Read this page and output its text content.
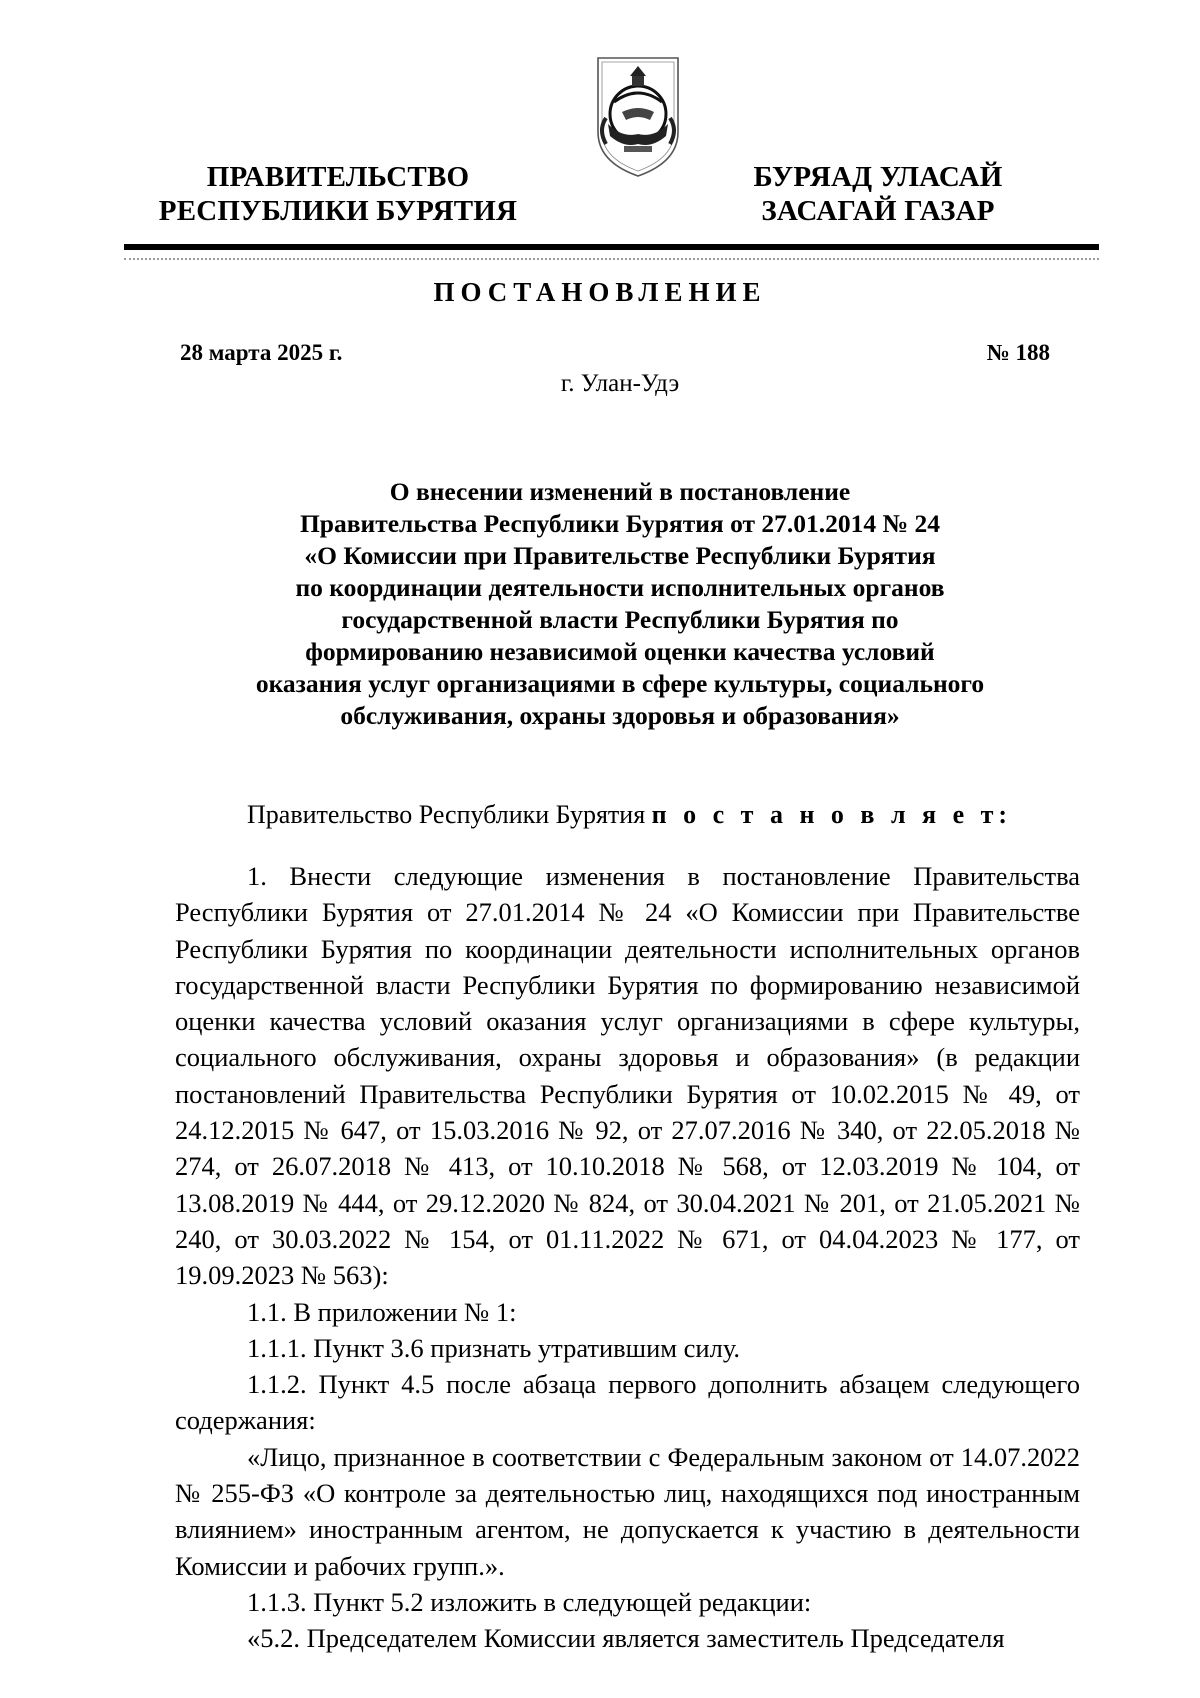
ПРАВИТЕЛЬСТВО
РЕСПУБЛИКИ БУРЯТИЯ
БУРЯАД УЛАСАЙ
ЗАСАГАЙ ГАЗАР
ПОСТАНОВЛЕНИЕ
28 марта 2025 г.	№ 188
г. Улан-Удэ
О внесении изменений в постановление
Правительства Республики Бурятия от 27.01.2014 № 24
«О Комиссии при Правительстве Республики Бурятия
по координации деятельности исполнительных органов
государственной власти Республики Бурятия по
формированию независимой оценки качества условий
оказания услуг организациями в сфере культуры, социального
обслуживания, охраны здоровья и образования»
Правительство Республики Бурятия п о с т а н о в л я е т:

1. Внести следующие изменения в постановление Правительства Республики Бурятия от 27.01.2014 № 24 «О Комиссии при Правительстве Республики Бурятия по координации деятельности исполнительных органов государственной власти Республики Бурятия по формированию независимой оценки качества условий оказания услуг организациями в сфере культуры, социального обслуживания, охраны здоровья и образования» (в редакции постановлений Правительства Республики Бурятия от 10.02.2015 № 49, от 24.12.2015 № 647, от 15.03.2016 № 92, от 27.07.2016 № 340, от 22.05.2018 № 274, от 26.07.2018 № 413, от 10.10.2018 № 568, от 12.03.2019 № 104, от 13.08.2019 № 444, от 29.12.2020 № 824, от 30.04.2021 № 201, от 21.05.2021 № 240, от 30.03.2022 № 154, от 01.11.2022 № 671, от 04.04.2023 № 177, от 19.09.2023 № 563):

1.1. В приложении № 1:

1.1.1. Пункт 3.6 признать утратившим силу.

1.1.2. Пункт 4.5 после абзаца первого дополнить абзацем следующего содержания:

«Лицо, признанное в соответствии с Федеральным законом от 14.07.2022 № 255-ФЗ «О контроле за деятельностью лиц, находящихся под иностранным влиянием» иностранным агентом, не допускается к участию в деятельности Комиссии и рабочих групп.».

1.1.3. Пункт 5.2 изложить в следующей редакции:

«5.2. Председателем Комиссии является заместитель Председателя
